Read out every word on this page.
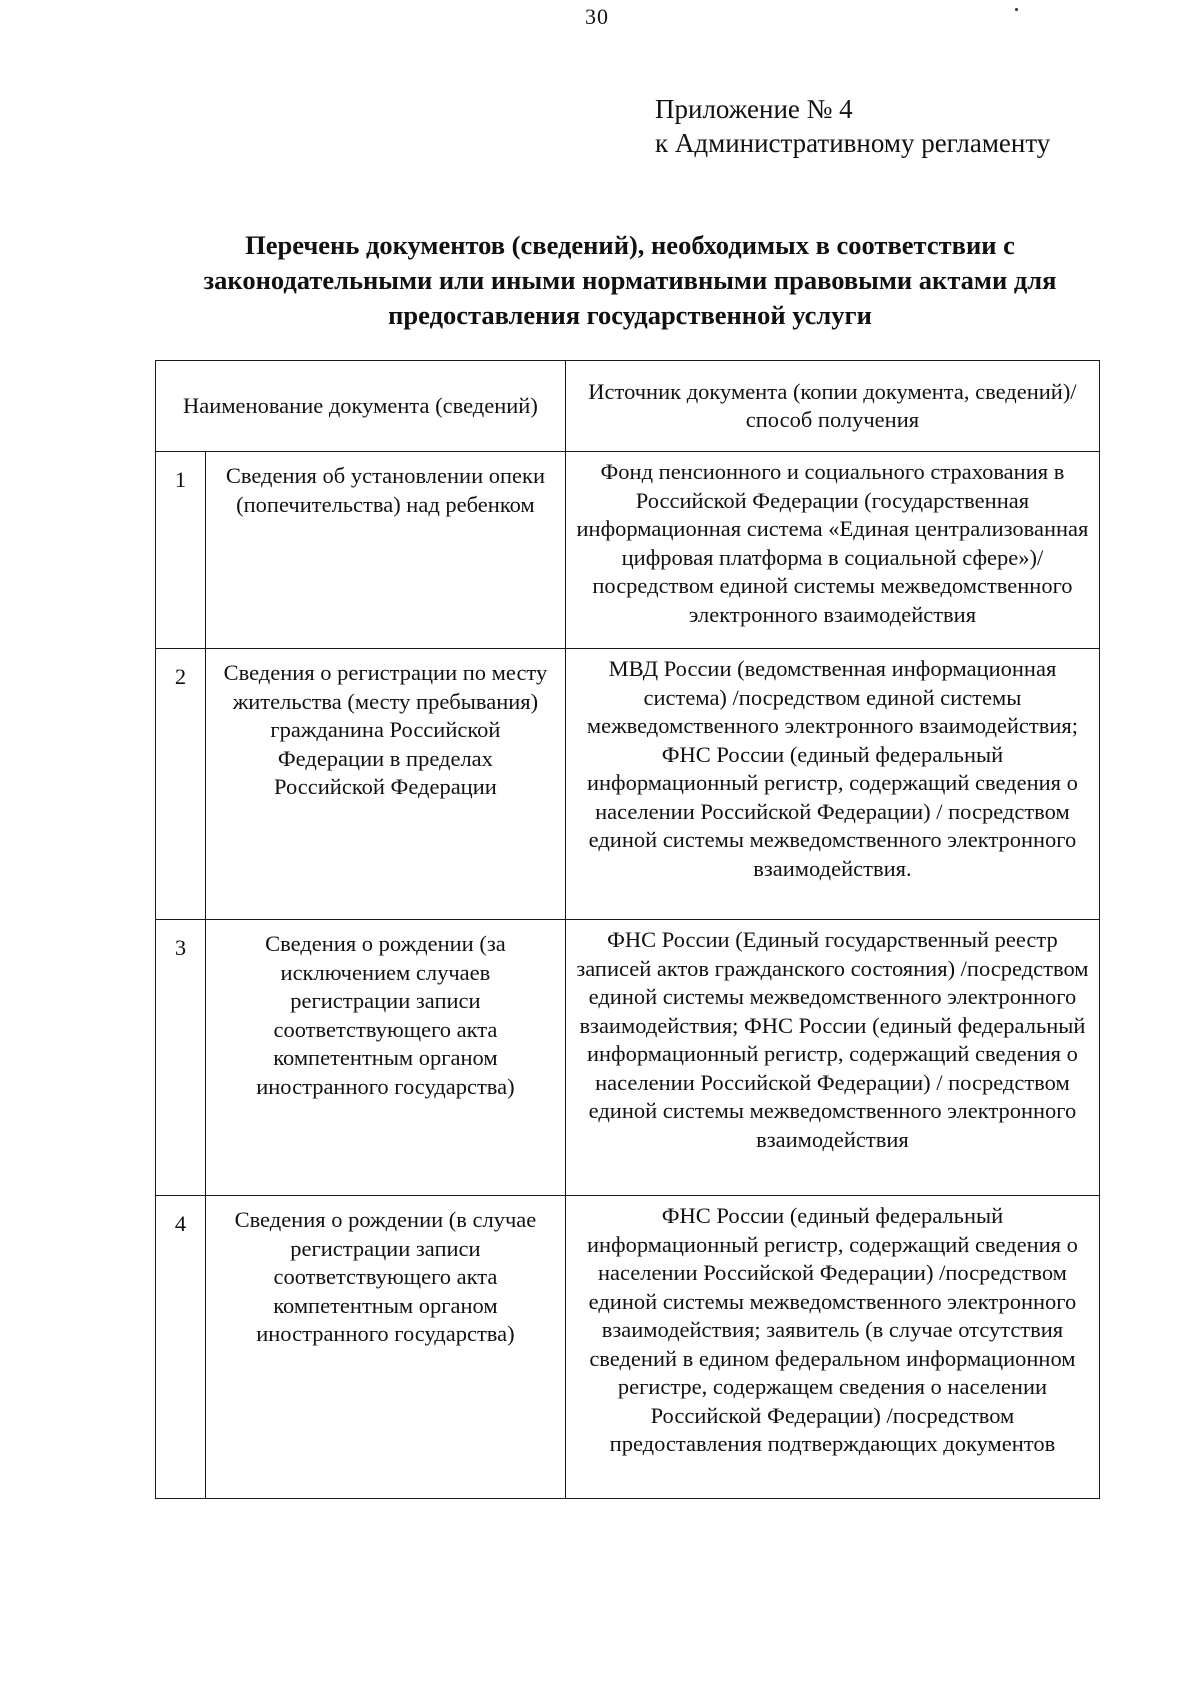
30
Приложение № 4
к Административному регламенту
Перечень документов (сведений), необходимых в соответствии с законодательными или иными нормативными правовыми актами для предоставления государственной услуги
Наименование документа (сведений)		Источник документа (копии документа, сведений)/способ получения
1	Сведения об установлении опеки (попечительства) над ребенком	Фонд пенсионного и социального страхования в Российской Федерации (государственная информационная система «Единая централизованная цифровая платформа в социальной сфере»)/посредством единой системы межведомственного электронного взаимодействия
2	Сведения о регистрации по месту жительства (месту пребывания) гражданина Российской Федерации в пределах Российской Федерации	МВД России (ведомственная информационная система) /посредством единой системы межведомственного электронного взаимодействия; ФНС России (единый федеральный информационный регистр, содержащий сведения о населении Российской Федерации) / посредством единой системы межведомственного электронного взаимодействия.
3	Сведения о рождении (за исключением случаев регистрации записи соответствующего акта компетентным органом иностранного государства)	ФНС России (Единый государственный реестр записей актов гражданского состояния) /посредством единой системы межведомственного электронного взаимодействия; ФНС России (единый федеральный информационный регистр, содержащий сведения о населении Российской Федерации) / посредством единой системы межведомственного электронного взаимодействия
4	Сведения о рождении (в случае регистрации записи соответствующего акта компетентным органом иностранного государства)	ФНС России (единый федеральный информационный регистр, содержащий сведения о населении Российской Федерации) /посредством единой системы межведомственного электронного взаимодействия; заявитель (в случае отсутствия сведений в едином федеральном информационном регистре, содержащем сведения о населении Российской Федерации) /посредством предоставления подтверждающих документов
